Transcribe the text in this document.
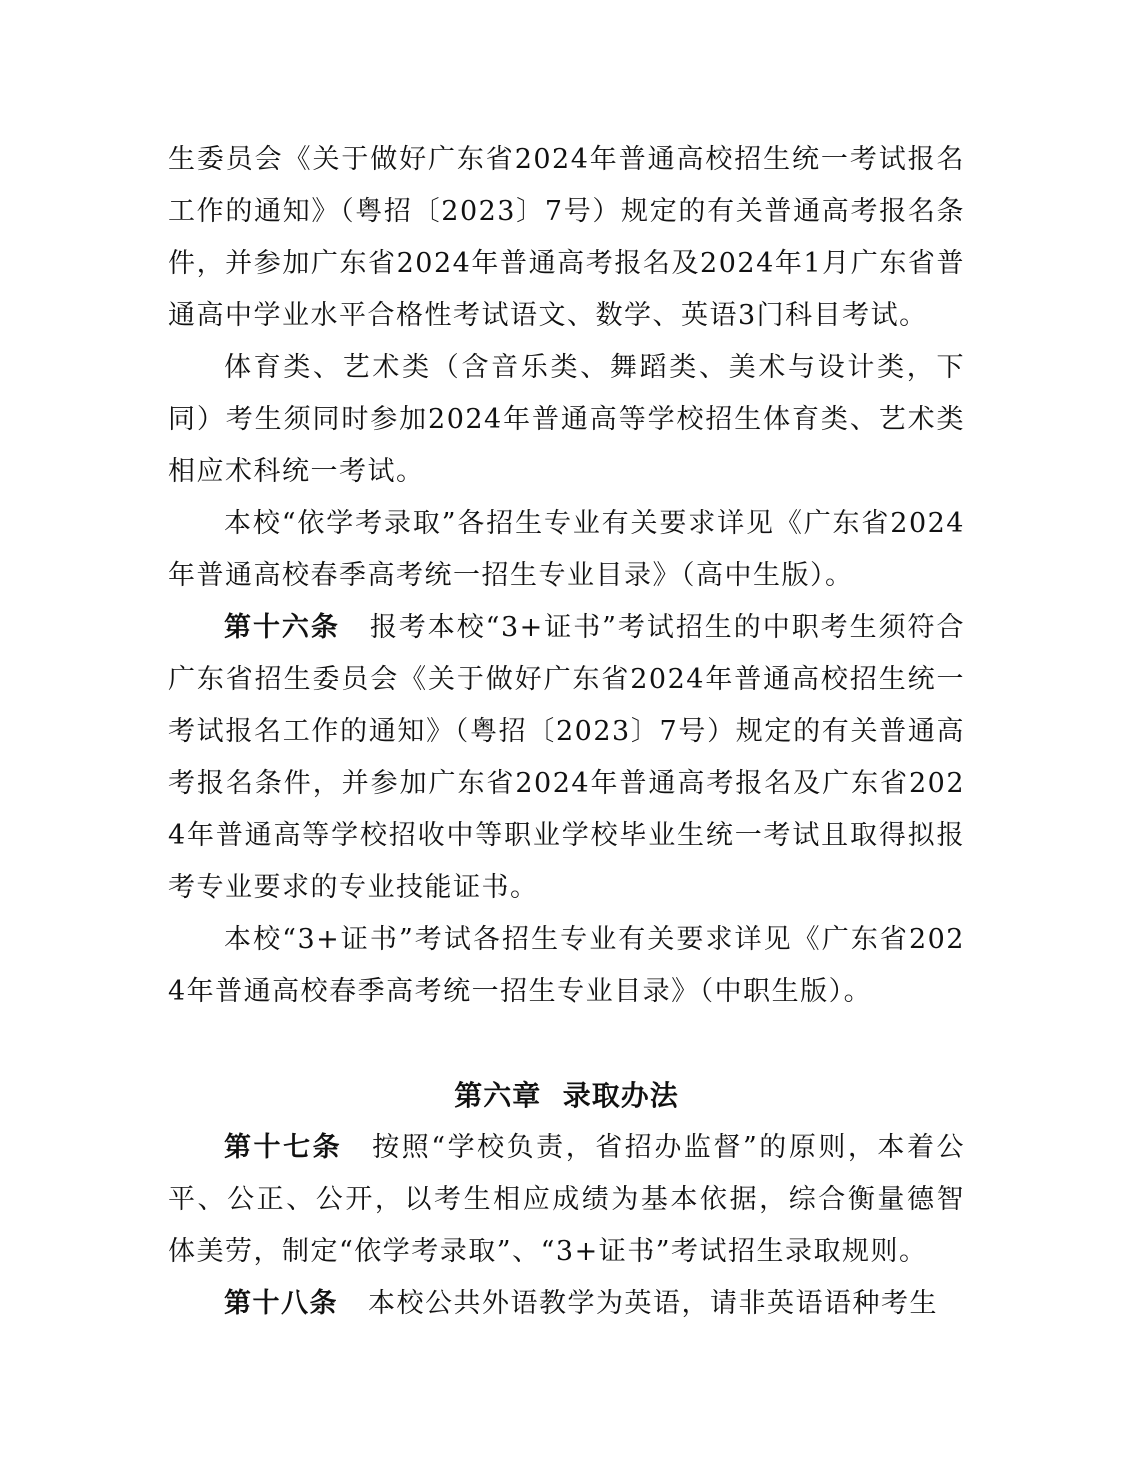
生委员会《关于做好广东省2024年普通高校招生统一考试报名工作的通知》（粤招〔2023〕7号）规定的有关普通高考报名条件，并参加广东省2024年普通高考报名及2024年1月广东省普通高中学业水平合格性考试语文、数学、英语3门科目考试。

体育类、艺术类（含音乐类、舞蹈类、美术与设计类，下同）考生须同时参加2024年普通高等学校招生体育类、艺术类相应术科统一考试。

本校“依学考录取”各招生专业有关要求详见《广东省2024年普通高校春季高考统一招生专业目录》（高中生版）。

第十六条 报考本校“3+证书”考试招生的中职考生须符合广东省招生委员会《关于做好广东省2024年普通高校招生统一考试报名工作的通知》（粤招〔2023〕7号）规定的有关普通高考报名条件，并参加广东省2024年普通高考报名及广东省2024年普通高等学校招收中等职业学校毕业生统一考试且取得拟报考专业要求的专业技能证书。

本校“3+证书”考试各招生专业有关要求详见《广东省2024年普通高校春季高考统一招生专业目录》（中职生版）。

第六章  录取办法

第十七条 按照“学校负责，省招办监督”的原则，本着公平、公正、公开，以考生相应成绩为基本依据，综合衡量德智体美劳，制定“依学考录取”、“3+证书”考试招生录取规则。

第十八条 本校公共外语教学为英语，请非英语语种考生
